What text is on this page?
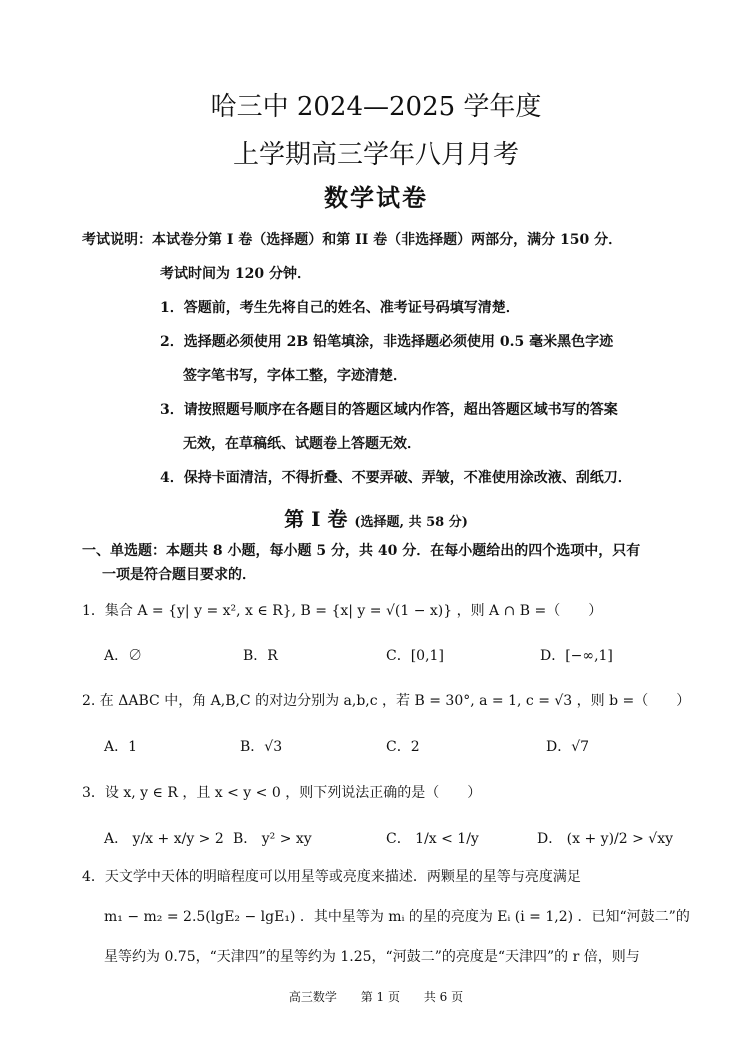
哈三中 2024—2025 学年度
上学期高三学年八月月考
数学试卷
考试说明：本试卷分第 I 卷（选择题）和第 II 卷（非选择题）两部分，满分 150 分．
考试时间为 120 分钟．
1．答题前，考生先将自己的姓名、准考证号码填写清楚．
2．选择题必须使用 2B 铅笔填涂，非选择题必须使用 0.5 毫米黑色字迹
签字笔书写，字体工整，字迹清楚．
3．请按照题号顺序在各题目的答题区域内作答，超出答题区域书写的答案
无效，在草稿纸、试题卷上答题无效．
4．保持卡面清洁，不得折叠、不要弄破、弄皱，不准使用涂改液、刮纸刀．
第 I 卷 (选择题, 共 58 分)
一、单选题：本题共 8 小题，每小题 5 分，共 40 分．在每小题给出的四个选项中，只有
一项是符合题目要求的．
1．集合 A = {y| y = x², x ∈ R}, B = {x| y = √(1 − x)} ，则 A ∩ B =（　　）
A．∅	B．R	C．[0,1]	D．[−∞,1]
2. 在 ΔABC 中，角 A,B,C 的对边分别为 a,b,c ，若 B = 30°, a = 1, c = √3 ，则 b =（　　）
A．1	B．√3	C．2	D．√7
3．设 x, y ∈ R ，且 x < y < 0 ，则下列说法正确的是（　　）
A． y/x + x/y > 2 B． y² > xy	C． 1/x < 1/y	D． (x + y)/2 > √xy
4．天文学中天体的明暗程度可以用星等或亮度来描述．两颗星的星等与亮度满足
m₁ − m₂ = 2.5(lgE₂ − lgE₁) ．其中星等为 mᵢ 的星的亮度为 Eᵢ (i = 1,2) ．已知“河鼓二”的
星等约为 0.75，“天津四”的星等约为 1.25，“河鼓二”的亮度是“天津四”的 r 倍，则与
高三数学 第 1 页 共 6 页
